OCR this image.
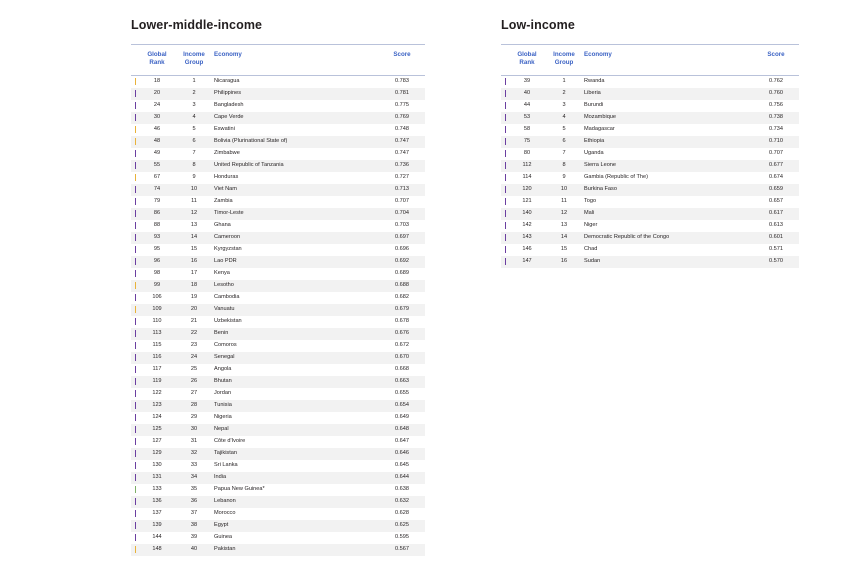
Lower-middle-income
	Global Rank	Income Group	Economy	Score

	18	1	Nicaragua	0.783

	20	2	Philippines	0.781

	24	3	Bangladesh	0.775

	30	4	Cape Verde	0.769

	46	5	Eswatini	0.748

	48	6	Bolivia (Plurinational State of)	0.747

	49	7	Zimbabwe	0.747

	55	8	United Republic of Tanzania	0.736

	67	9	Honduras	0.727

	74	10	Viet Nam	0.713

	79	11	Zambia	0.707

	86	12	Timor-Leste	0.704

	88	13	Ghana	0.703

	93	14	Cameroon	0.697

	95	15	Kyrgyzstan	0.696

	96	16	Lao PDR	0.692

	98	17	Kenya	0.689

	99	18	Lesotho	0.688

	106	19	Cambodia	0.682

	109	20	Vanuatu	0.679

	110	21	Uzbekistan	0.678

	113	22	Benin	0.676

	115	23	Comoros	0.672

	116	24	Senegal	0.670

	117	25	Angola	0.668

	119	26	Bhutan	0.663

	122	27	Jordan	0.655

	123	28	Tunisia	0.654

	124	29	Nigeria	0.649

	125	30	Nepal	0.648

	127	31	Côte d'Ivoire	0.647

	129	32	Tajikistan	0.646

	130	33	Sri Lanka	0.645

	131	34	India	0.644

	133	35	Papua New Guinea*	0.638

	136	36	Lebanon	0.632

	137	37	Morocco	0.628

	139	38	Egypt	0.625

	144	39	Guinea	0.595

	148	40	Pakistan	0.567
Low-income
	Global Rank	Income Group	Economy	Score

	39	1	Rwanda	0.762

	40	2	Liberia	0.760

	44	3	Burundi	0.756

	53	4	Mozambique	0.738

	58	5	Madagascar	0.734

	75	6	Ethiopia	0.710

	80	7	Uganda	0.707

	112	8	Sierra Leone	0.677

	114	9	Gambia (Republic of The)	0.674

	120	10	Burkina Faso	0.659

	121	11	Togo	0.657

	140	12	Mali	0.617

	142	13	Niger	0.613

	143	14	Democratic Republic of the Congo	0.601

	146	15	Chad	0.571

	147	16	Sudan	0.570
